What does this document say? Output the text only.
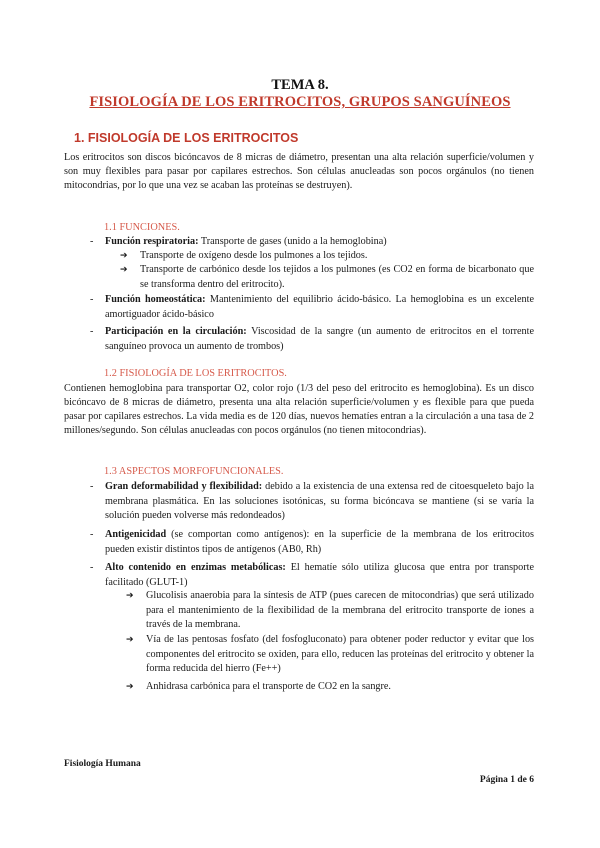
TEMA 8.
FISIOLOGÍA DE LOS ERITROCITOS, GRUPOS SANGUÍNEOS
1. FISIOLOGÍA DE LOS ERITROCITOS
Los eritrocitos son discos bicóncavos de 8 micras de diámetro, presentan una alta relación superficie/volumen y son muy flexibles para pasar por capilares estrechos. Son células anucleadas son pocos orgánulos (no tienen mitocondrias, por lo que una vez se acaban las proteínas se destruyen).
1.1 FUNCIONES.
- Función respiratoria: Transporte de gases (unido a la hemoglobina)
➔ Transporte de oxígeno desde los pulmones a los tejidos.
➔ Transporte de carbónico desde los tejidos a los pulmones (es CO2 en forma de bicarbonato que se transforma dentro del eritrocito).
- Función homeostática: Mantenimiento del equilibrio ácido-básico. La hemoglobina es un excelente amortiguador ácido-básico
- Participación en la circulación: Viscosidad de la sangre (un aumento de eritrocitos en el torrente sanguíneo provoca un aumento de trombos)
1.2 FISIOLOGÍA DE LOS ERITROCITOS.
Contienen hemoglobina para transportar O2, color rojo (1/3 del peso del eritrocito es hemoglobina). Es un disco bicóncavo de 8 micras de diámetro, presenta una alta relación superficie/volumen y es flexible para que pueda pasar por capilares estrechos. La vida media es de 120 días, nuevos hematíes entran a la circulación a una tasa de 2 millones/segundo. Son células anucleadas con pocos orgánulos (no tienen mitocondrias).
1.3 ASPECTOS MORFOFUNCIONALES.
- Gran deformabilidad y flexibilidad: debido a la existencia de una extensa red de citoesqueleto bajo la membrana plasmática. En las soluciones isotónicas, su forma bicóncava se mantiene (si se varía la solución pueden volverse más redondeados)
- Antigenicidad (se comportan como antígenos): en la superficie de la membrana de los eritrocitos pueden existir distintos tipos de antígenos (AB0, Rh)
- Alto contenido en enzimas metabólicas: El hematíe sólo utiliza glucosa que entra por transporte facilitado (GLUT-1)
➔ Glucolisis anaerobia para la síntesis de ATP (pues carecen de mitocondrias) que será utilizado para el mantenimiento de la flexibilidad de la membrana del eritrocito transporte de iones a través de la membrana.
➔ Vía de las pentosas fosfato (del fosfogluconato) para obtener poder reductor y evitar que los componentes del eritrocito se oxiden, para ello, reducen las proteínas del eritrocito y obtener la forma reducida del hierro (Fe++)
➔ Anhidrasa carbónica para el transporte de CO2 en la sangre.
Fisiología Humana
Página 1 de 6
